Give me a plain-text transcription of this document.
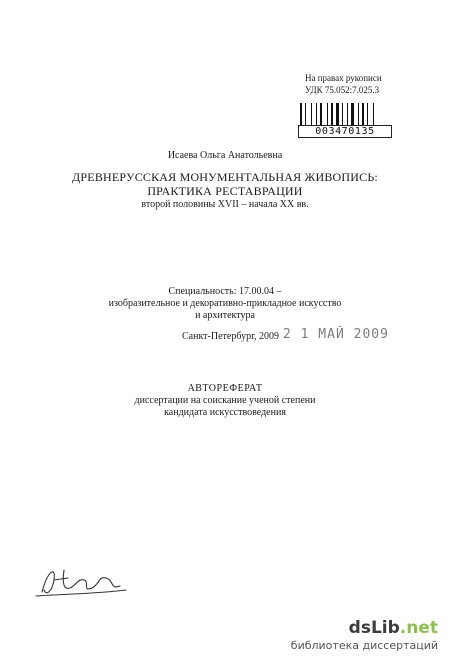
На правах рукописи
УДК 75.052:7.025.3
003470135
Исаева Ольга Анатольевна
ДРЕВНЕРУССКАЯ МОНУМЕНТАЛЬНАЯ ЖИВОПИСЬ:
ПРАКТИКА РЕСТАВРАЦИИ
второй половины XVII – начала XX вв.
Специальность: 17.00.04 –
изобразительное и декоративно-прикладное искусство
и архитектура
АВТОРЕФЕРАТ
диссертации на соискание ученой степени
кандидата искусствоведения
Санкт-Петербург, 2009 2 1 МАЙ 2009
dsLib.net
библиотека диссертаций
